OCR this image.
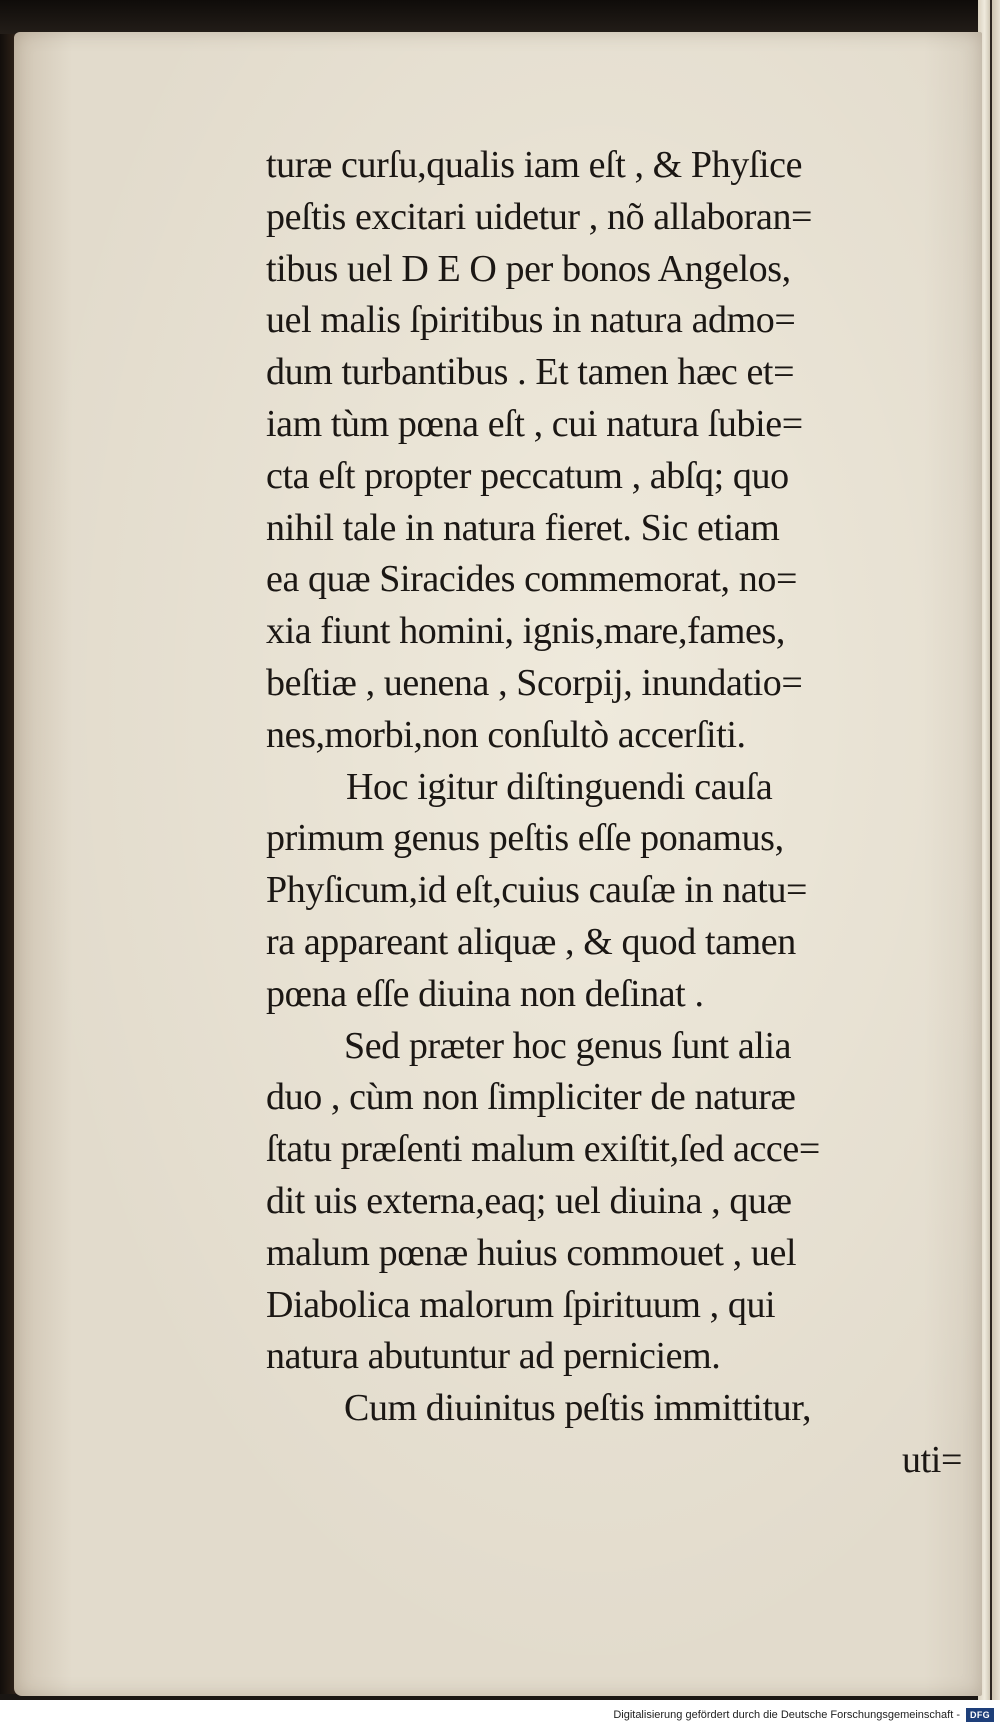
turæ curſu,qualis iam eſt , & Phyſice
peſtis excitari uidetur , nõ allaboran=
tibus uel D E O per bonos Angelos,
uel malis ſpiritibus in natura admo=
dum turbantibus . Et tamen hæc et=
iam tùm pœna eſt , cui natura ſubie=
cta eſt propter peccatum , abſq; quo
nihil tale in natura fieret. Sic etiam
ea quæ Siracides commemorat, no=
xia fiunt homini, ignis,mare,fames,
beſtiæ , uenena , Scorpij, inundatio=
nes,morbi,non conſultò accerſiti.
Hoc igitur diſtinguendi cauſa
primum genus peſtis eſſe ponamus,
Phyſicum,id eſt,cuius cauſæ in natu=
ra appareant aliquæ , & quod tamen
pœna eſſe diuina non deſinat .
Sed præter hoc genus ſunt alia
duo , cùm non ſimpliciter de naturæ
ſtatu præſenti malum exiſtit,ſed acce=
dit uis externa,eaq; uel diuina , quæ
malum pœnæ huius commouet , uel
Diabolica malorum ſpirituum , qui
natura abutuntur ad perniciem.
Cum diuinitus peſtis immittitur,
uti=
Digitalisierung gefördert durch die Deutsche Forschungsgemeinschaft -	DFG
